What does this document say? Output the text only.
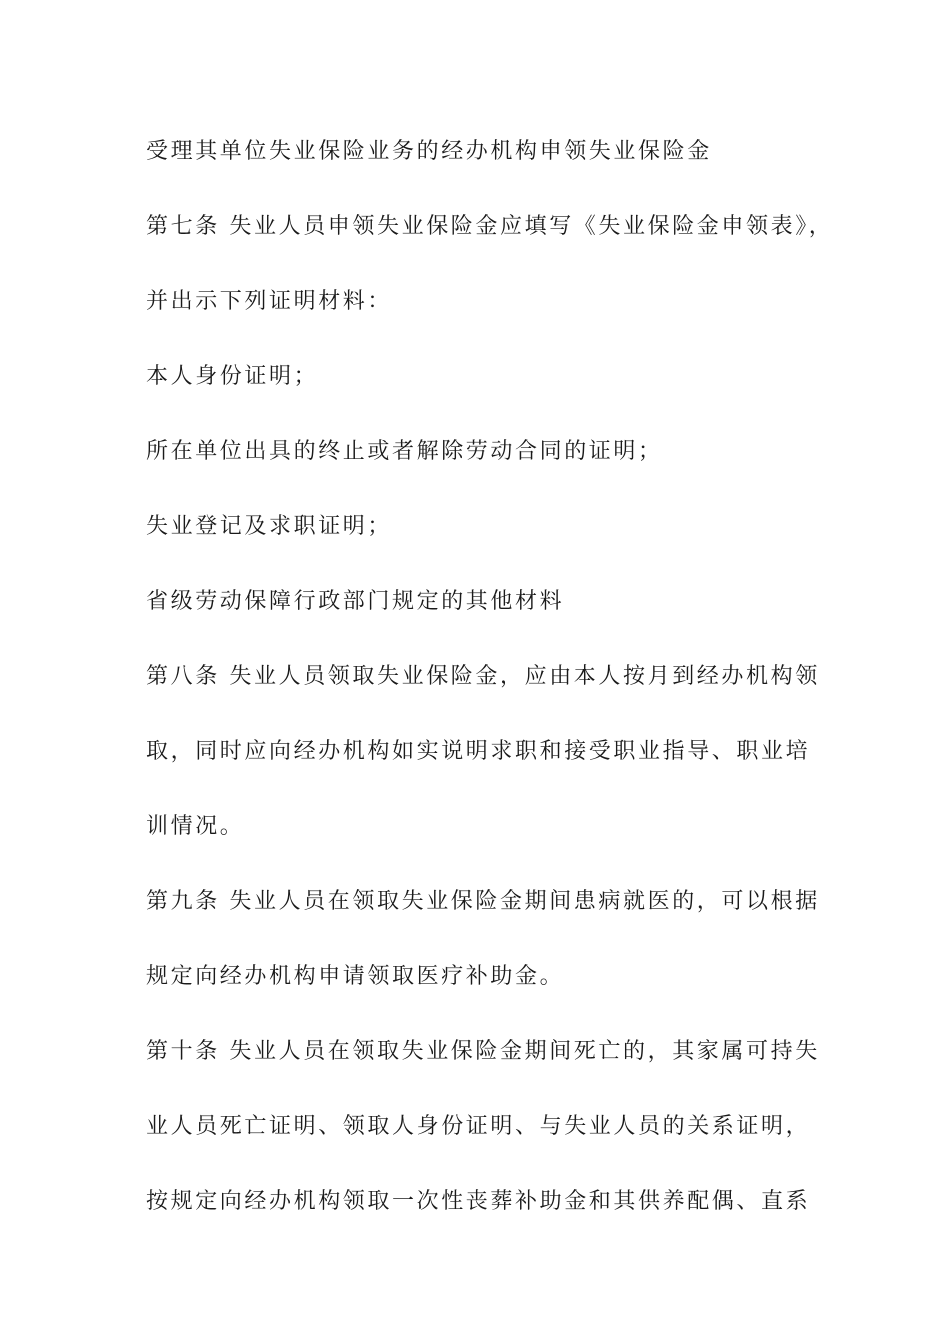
受理其单位失业保险业务的经办机构申领失业保险金
第七条 失业人员申领失业保险金应填写《失业保险金申领表》，
并出示下列证明材料：
本人身份证明；
所在单位出具的终止或者解除劳动合同的证明；
失业登记及求职证明；
省级劳动保障行政部门规定的其他材料
第八条 失业人员领取失业保险金，应由本人按月到经办机构领
取，同时应向经办机构如实说明求职和接受职业指导、职业培
训情况。
第九条 失业人员在领取失业保险金期间患病就医的，可以根据
规定向经办机构申请领取医疗补助金。
第十条 失业人员在领取失业保险金期间死亡的，其家属可持失
业人员死亡证明、领取人身份证明、与失业人员的关系证明，
按规定向经办机构领取一次性丧葬补助金和其供养配偶、直系
